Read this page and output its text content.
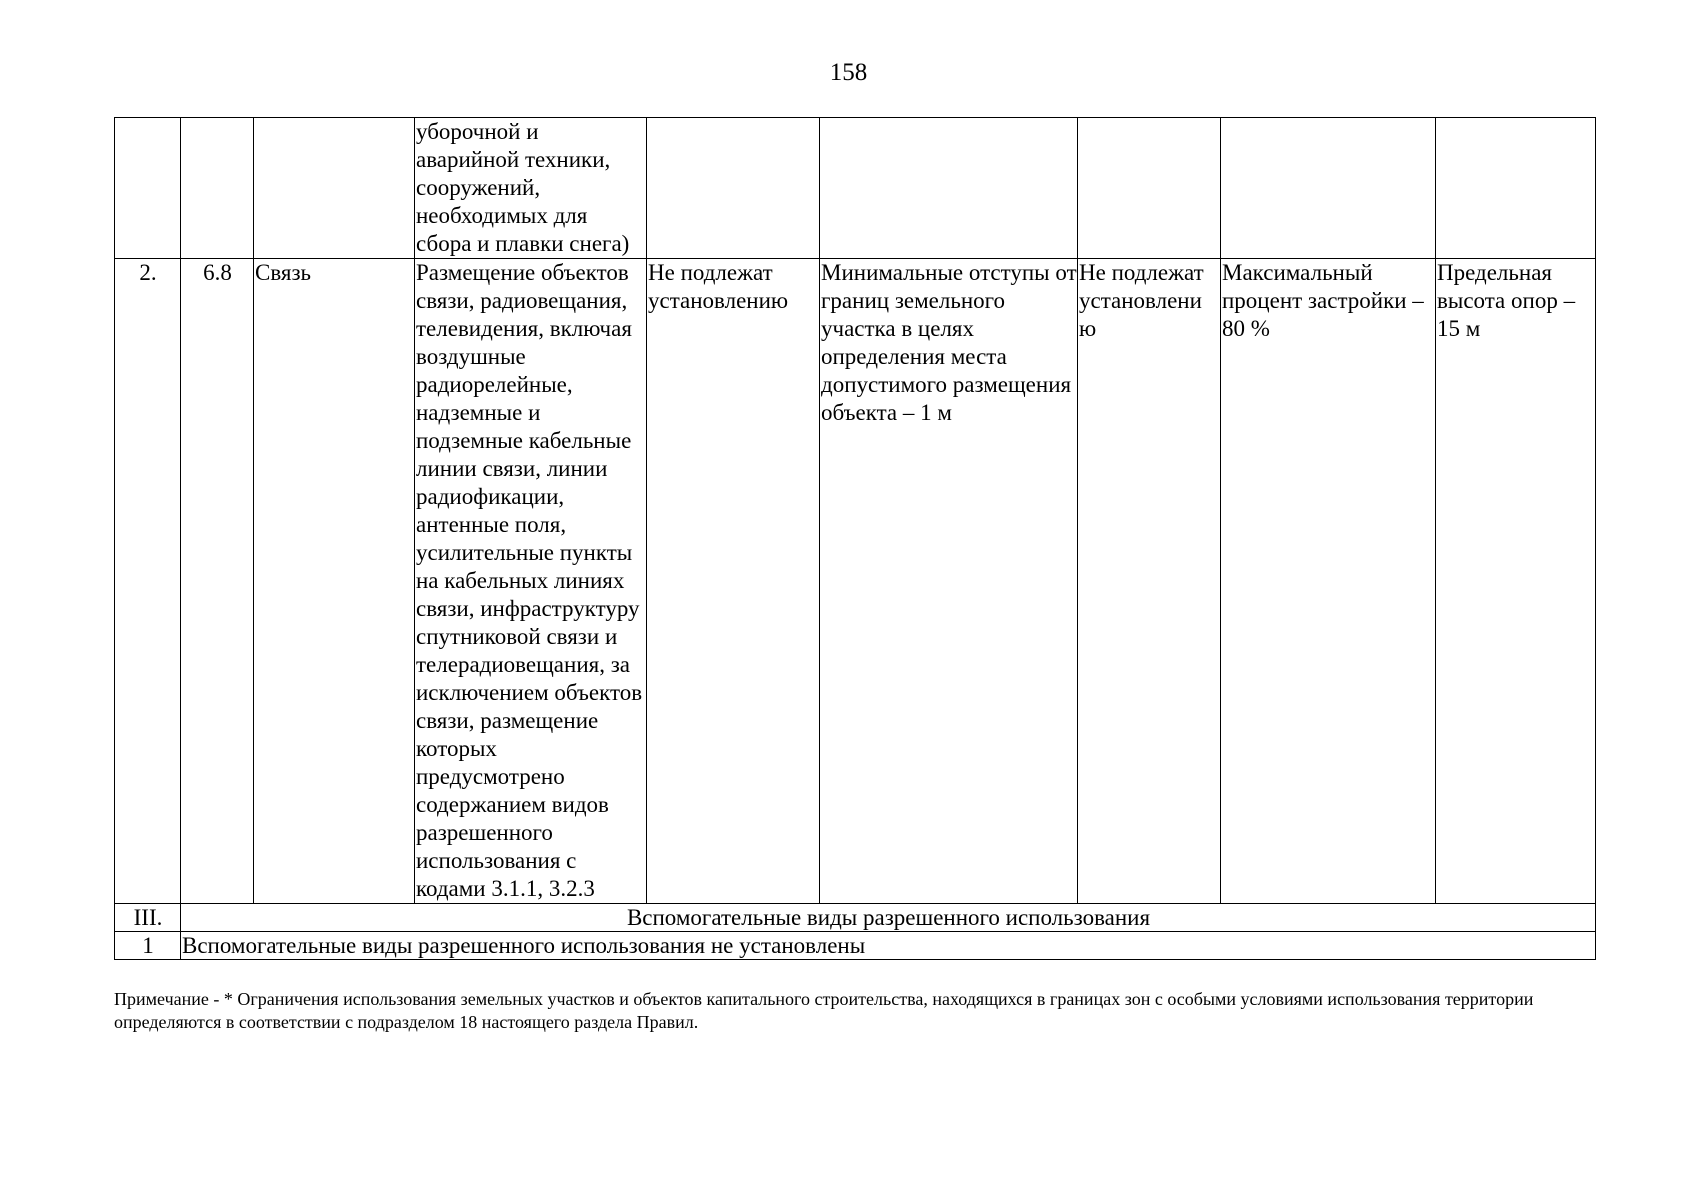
158
			уборочной и
аварийной техники,
сооружений,
необходимых для
сбора и плавки снега)					
2.	6.8	Связь	Размещение объектов связи, радиовещания, телевидения, включая воздушные радиорелейные, надземные и подземные кабельные линии связи, линии радиофикации, антенные поля, усилительные пункты на кабельных линиях связи, инфраструктуру спутниковой связи и телерадиовещания, за исключением объектов связи, размещение которых предусмотрено содержанием видов разрешенного использования с кодами 3.1.1, 3.2.3	Не подлежат установлению	Минимальные отступы от границ земельного участка в целях определения места допустимого размещения объекта – 1 м	Не подлежат установлени ю	Максимальный процент застройки – 80 %	Предельная высота опор – 15 м
III.	Вспомогательные виды разрешенного использования							
1	Вспомогательные виды разрешенного использования не установлены							
Примечание - * Ограничения использования земельных участков и объектов капитального строительства, находящихся в границах зон с особыми условиями использования территории определяются в соответствии с подразделом 18 настоящего раздела Правил.
